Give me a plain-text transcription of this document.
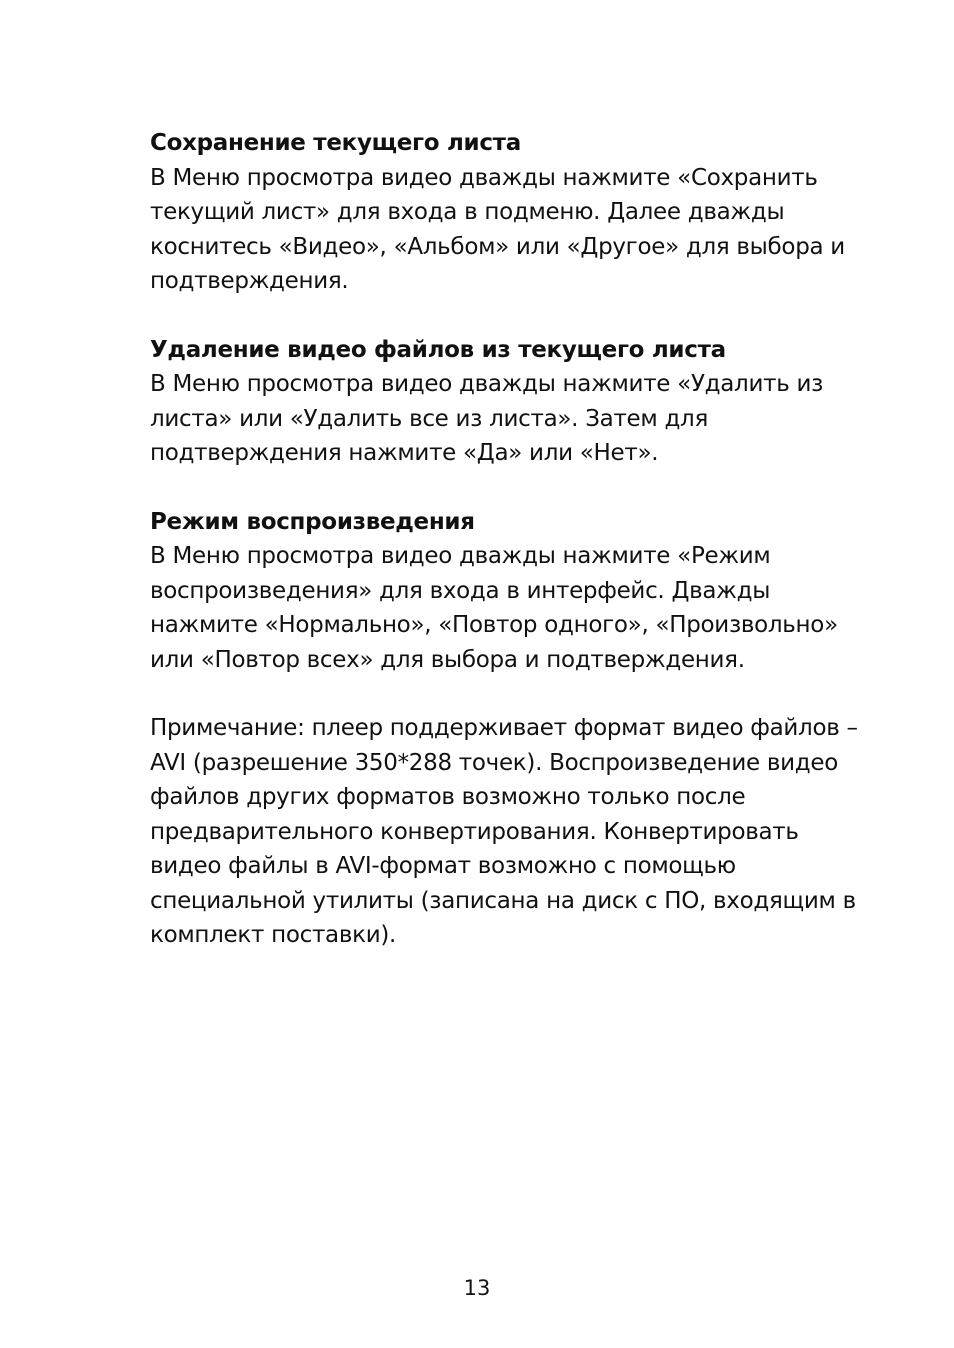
Сохранение текущего листа

В Меню просмотра видео дважды нажмите «Сохранить текущий лист» для входа в подменю. Далее дважды коснитесь «Видео», «Альбом» или «Другое» для выбора и подтверждения.

Удаление видео файлов из текущего листа

В Меню просмотра видео дважды нажмите «Удалить из листа» или «Удалить все из листа». Затем для подтверждения нажмите «Да» или «Нет».

Режим воспроизведения

В Меню просмотра видео дважды нажмите «Режим воспроизведения» для входа в интерфейс. Дважды нажмите «Нормально», «Повтор одного», «Произвольно» или «Повтор всех» для выбора и подтверждения.

Примечание: плеер поддерживает формат видео файлов – AVI (разрешение 350*288 точек). Воспроизведение видео файлов других форматов возможно только после предварительного конвертирования. Конвертировать видео файлы в AVI-формат возможно с помощью специальной утилиты (записана на диск с ПО, входящим в комплект поставки).

13
